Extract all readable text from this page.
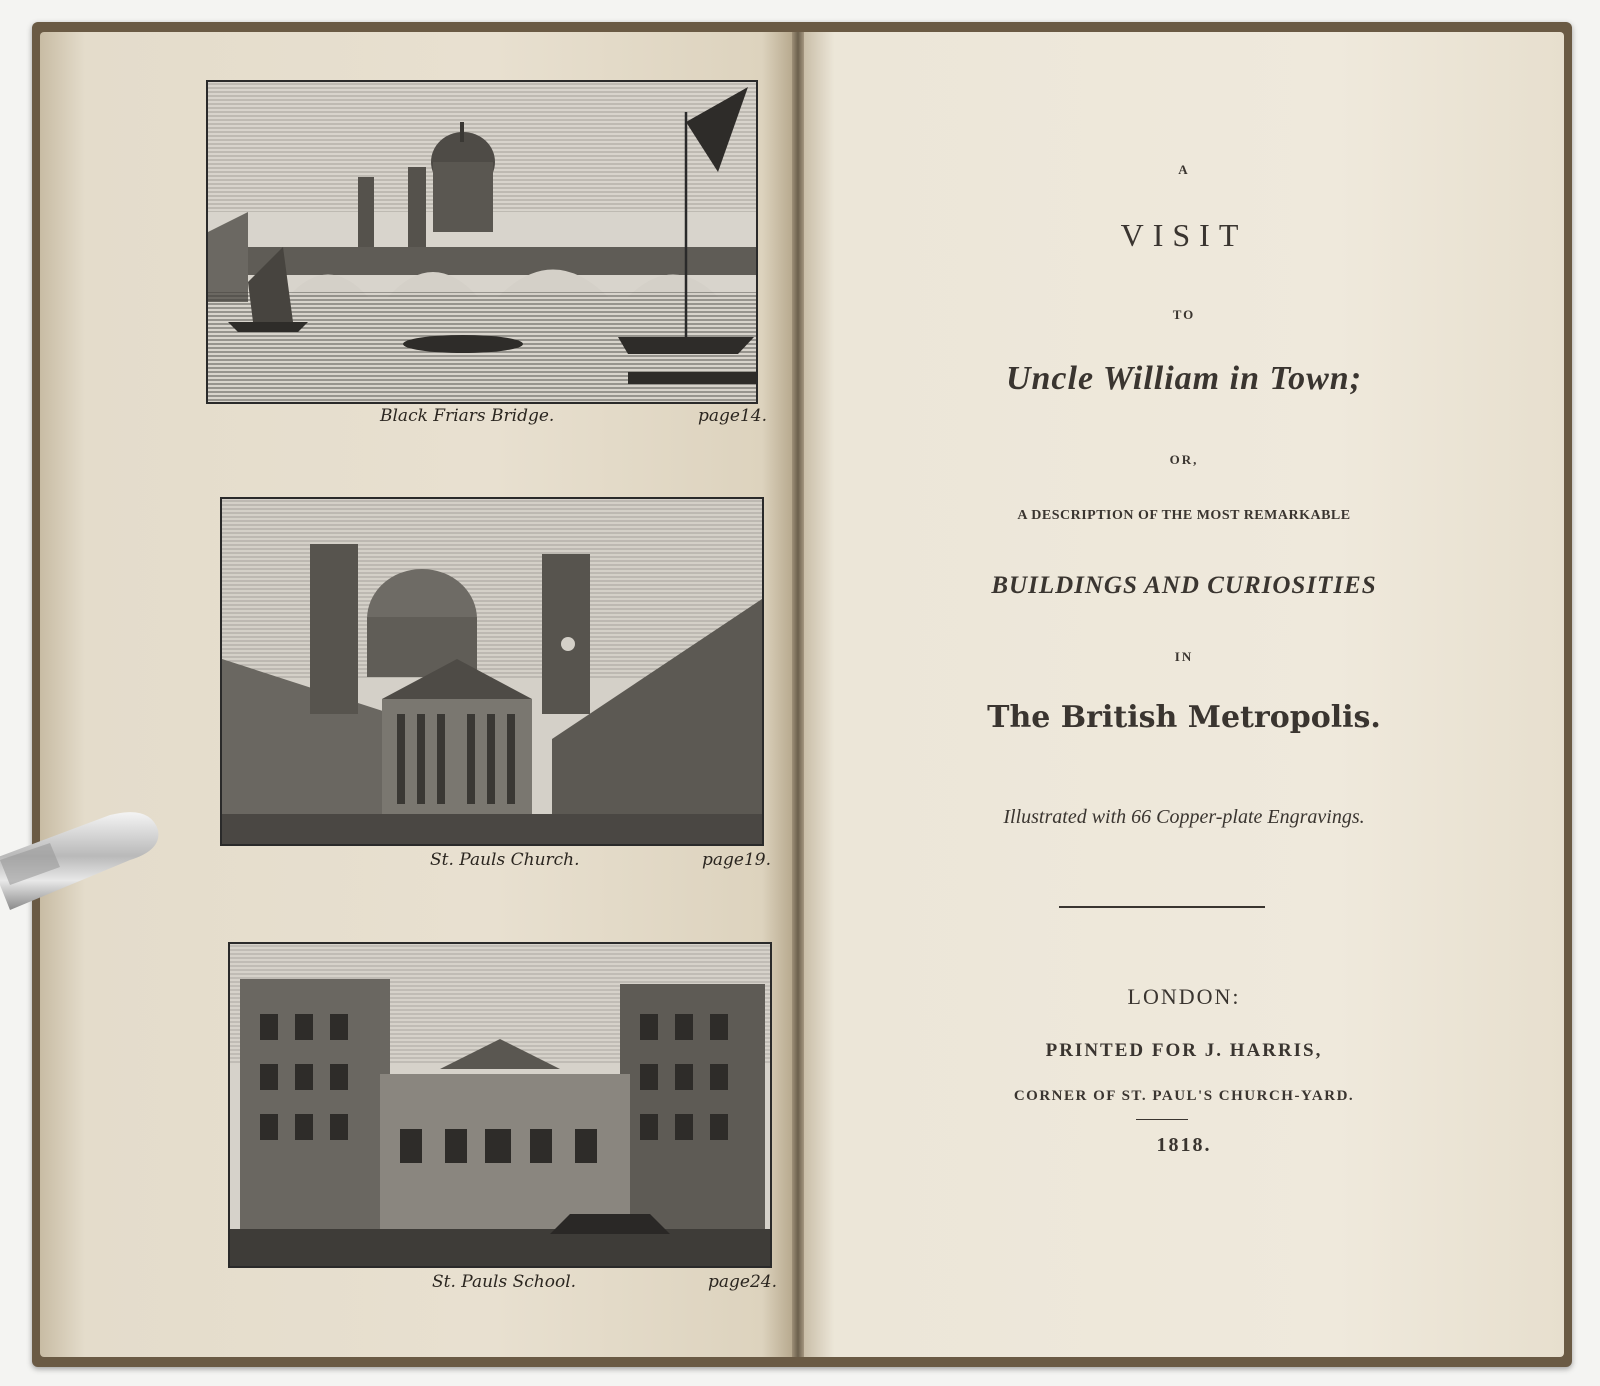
Black Friars Bridge.	page14.
St. Pauls Church.	page19.
St. Pauls School.	page24.
A
VISIT
TO
Uncle William in Town;
OR,
A DESCRIPTION OF THE MOST REMARKABLE
BUILDINGS AND CURIOSITIES
IN
The British Metropolis.
Illustrated with 66 Copper-plate Engravings.
LONDON:
PRINTED FOR J. HARRIS,
CORNER OF ST. PAUL'S CHURCH-YARD.
1818.
